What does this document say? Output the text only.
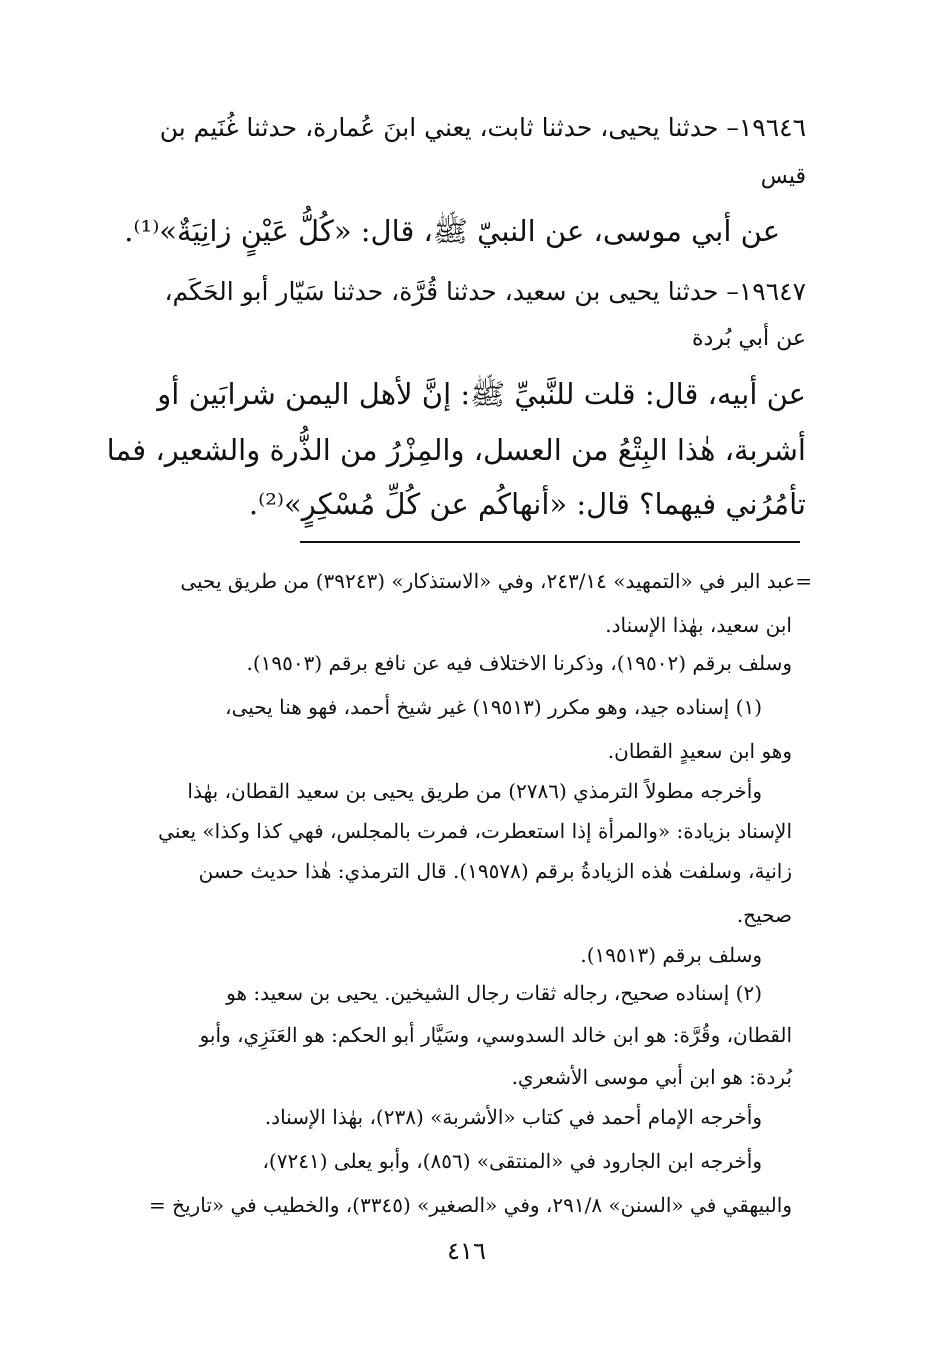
١٩٦٤٦– حدثنا يحيى، حدثنا ثابت، يعني ابنَ عُمارة، حدثنا غُنَيم بن
قيس
عن أبي موسى، عن النبيّ ﷺ، قال: «كُلُّ عَيْنٍ زانِيَةٌ»⁽¹⁾.
١٩٦٤٧– حدثنا يحيى بن سعيد، حدثنا قُرَّة، حدثنا سَيّار أبو الحَكَم،
عن أبي بُردة
عن أبيه، قال: قلت للنَّبيِّ ﷺ: إنَّ لأهل اليمن شرابَين أو
أشربة، هٰذا البِتْعُ من العسل، والمِزْرُ من الذُّرة والشعير، فما
تأمُرُني فيهما؟ قال: «أنهاكُم عن كُلِّ مُسْكِرٍ»⁽²⁾.
=عبد البر في «التمهيد» ٢٤٣/١٤، وفي «الاستذكار» (٣٩٢٤٣) من طريق يحيى
ابن سعيد، بهٰذا الإسناد.
وسلف برقم (١٩٥٠٢)، وذكرنا الاختلاف فيه عن نافع برقم (١٩٥٠٣).
(١) إسناده جيد، وهو مكرر (١٩٥١٣) غير شيخ أحمد، فهو هنا يحيى،
وهو ابن سعيدٍ القطان.
وأخرجه مطولاً الترمذي (٢٧٨٦) من طريق يحيى بن سعيد القطان، بهٰذا
الإسناد بزيادة: «والمرأة إذا استعطرت، فمرت بالمجلس، فهي كذا وكذا» يعني
زانية، وسلفت هٰذه الزيادةُ برقم (١٩٥٧٨). قال الترمذي: هٰذا حديث حسن
صحيح.
وسلف برقم (١٩٥١٣).
(٢) إسناده صحيح، رجاله ثقات رجال الشيخين. يحيى بن سعيد: هو
القطان، وقُرَّة: هو ابن خالد السدوسي، وسَيَّار أبو الحكم: هو العَنَزِي، وأبو
بُردة: هو ابن أبي موسى الأشعري.
وأخرجه الإمام أحمد في كتاب «الأشربة» (٢٣٨)، بهٰذا الإسناد.
وأخرجه ابن الجارود في «المنتقى» (٨٥٦)، وأبو يعلى (٧٢٤١)،
والبيهقي في «السنن» ٢٩١/٨، وفي «الصغير» (٣٣٤٥)، والخطيب في «تاريخ =
٤١٦
